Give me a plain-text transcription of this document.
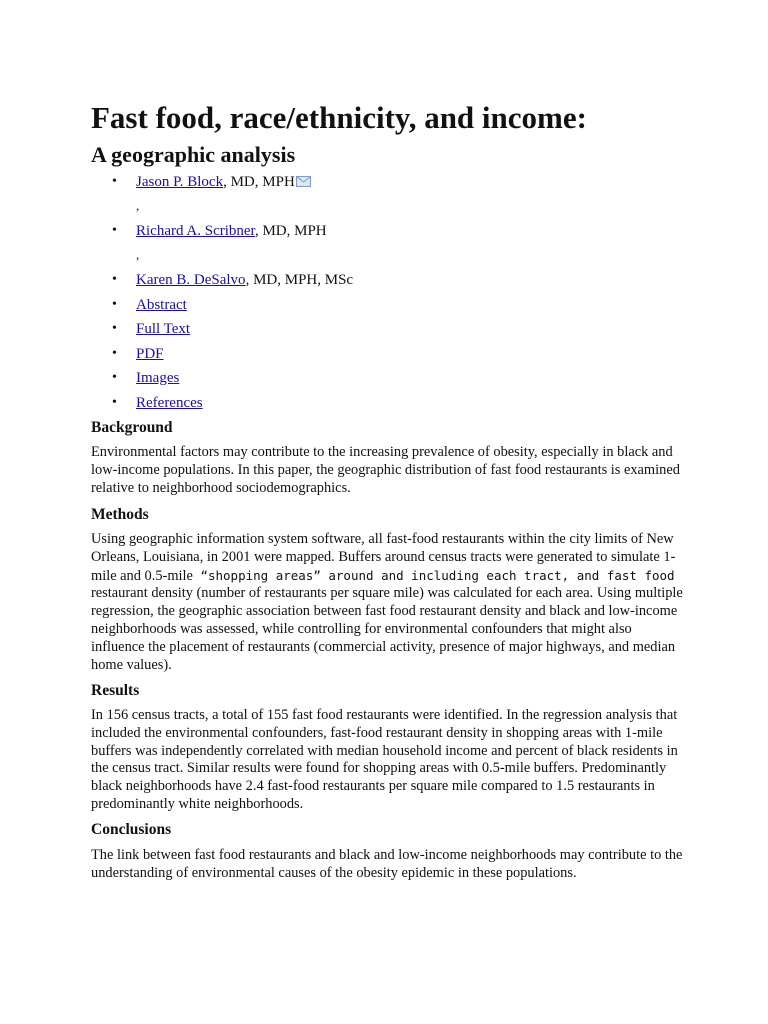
Fast food, race/ethnicity, and income:
A geographic analysis
• Jason P. Block, MD, MPH
,
• Richard A. Scribner, MD, MPH
,
• Karen B. DeSalvo, MD, MPH, MSc
• Abstract
• Full Text
• PDF
• Images
• References
Background

Environmental factors may contribute to the increasing prevalence of obesity, especially in black and low-income populations. In this paper, the geographic distribution of fast food restaurants is examined relative to neighborhood sociodemographics.

Methods

Using geographic information system software, all fast-food restaurants within the city limits of New Orleans, Louisiana, in 2001 were mapped. Buffers around census tracts were generated to simulate 1-mile and 0.5-mile “shopping areas” around and including each tract, and fast food restaurant density (number of restaurants per square mile) was calculated for each area. Using multiple regression, the geographic association between fast food restaurant density and black and low-income neighborhoods was assessed, while controlling for environmental confounders that might also influence the placement of restaurants (commercial activity, presence of major highways, and median home values).

Results

In 156 census tracts, a total of 155 fast food restaurants were identified. In the regression analysis that included the environmental confounders, fast-food restaurant density in shopping areas with 1-mile buffers was independently correlated with median household income and percent of black residents in the census tract. Similar results were found for shopping areas with 0.5-mile buffers. Predominantly black neighborhoods have 2.4 fast-food restaurants per square mile compared to 1.5 restaurants in predominantly white neighborhoods.

Conclusions

The link between fast food restaurants and black and low-income neighborhoods may contribute to the understanding of environmental causes of the obesity epidemic in these populations.
